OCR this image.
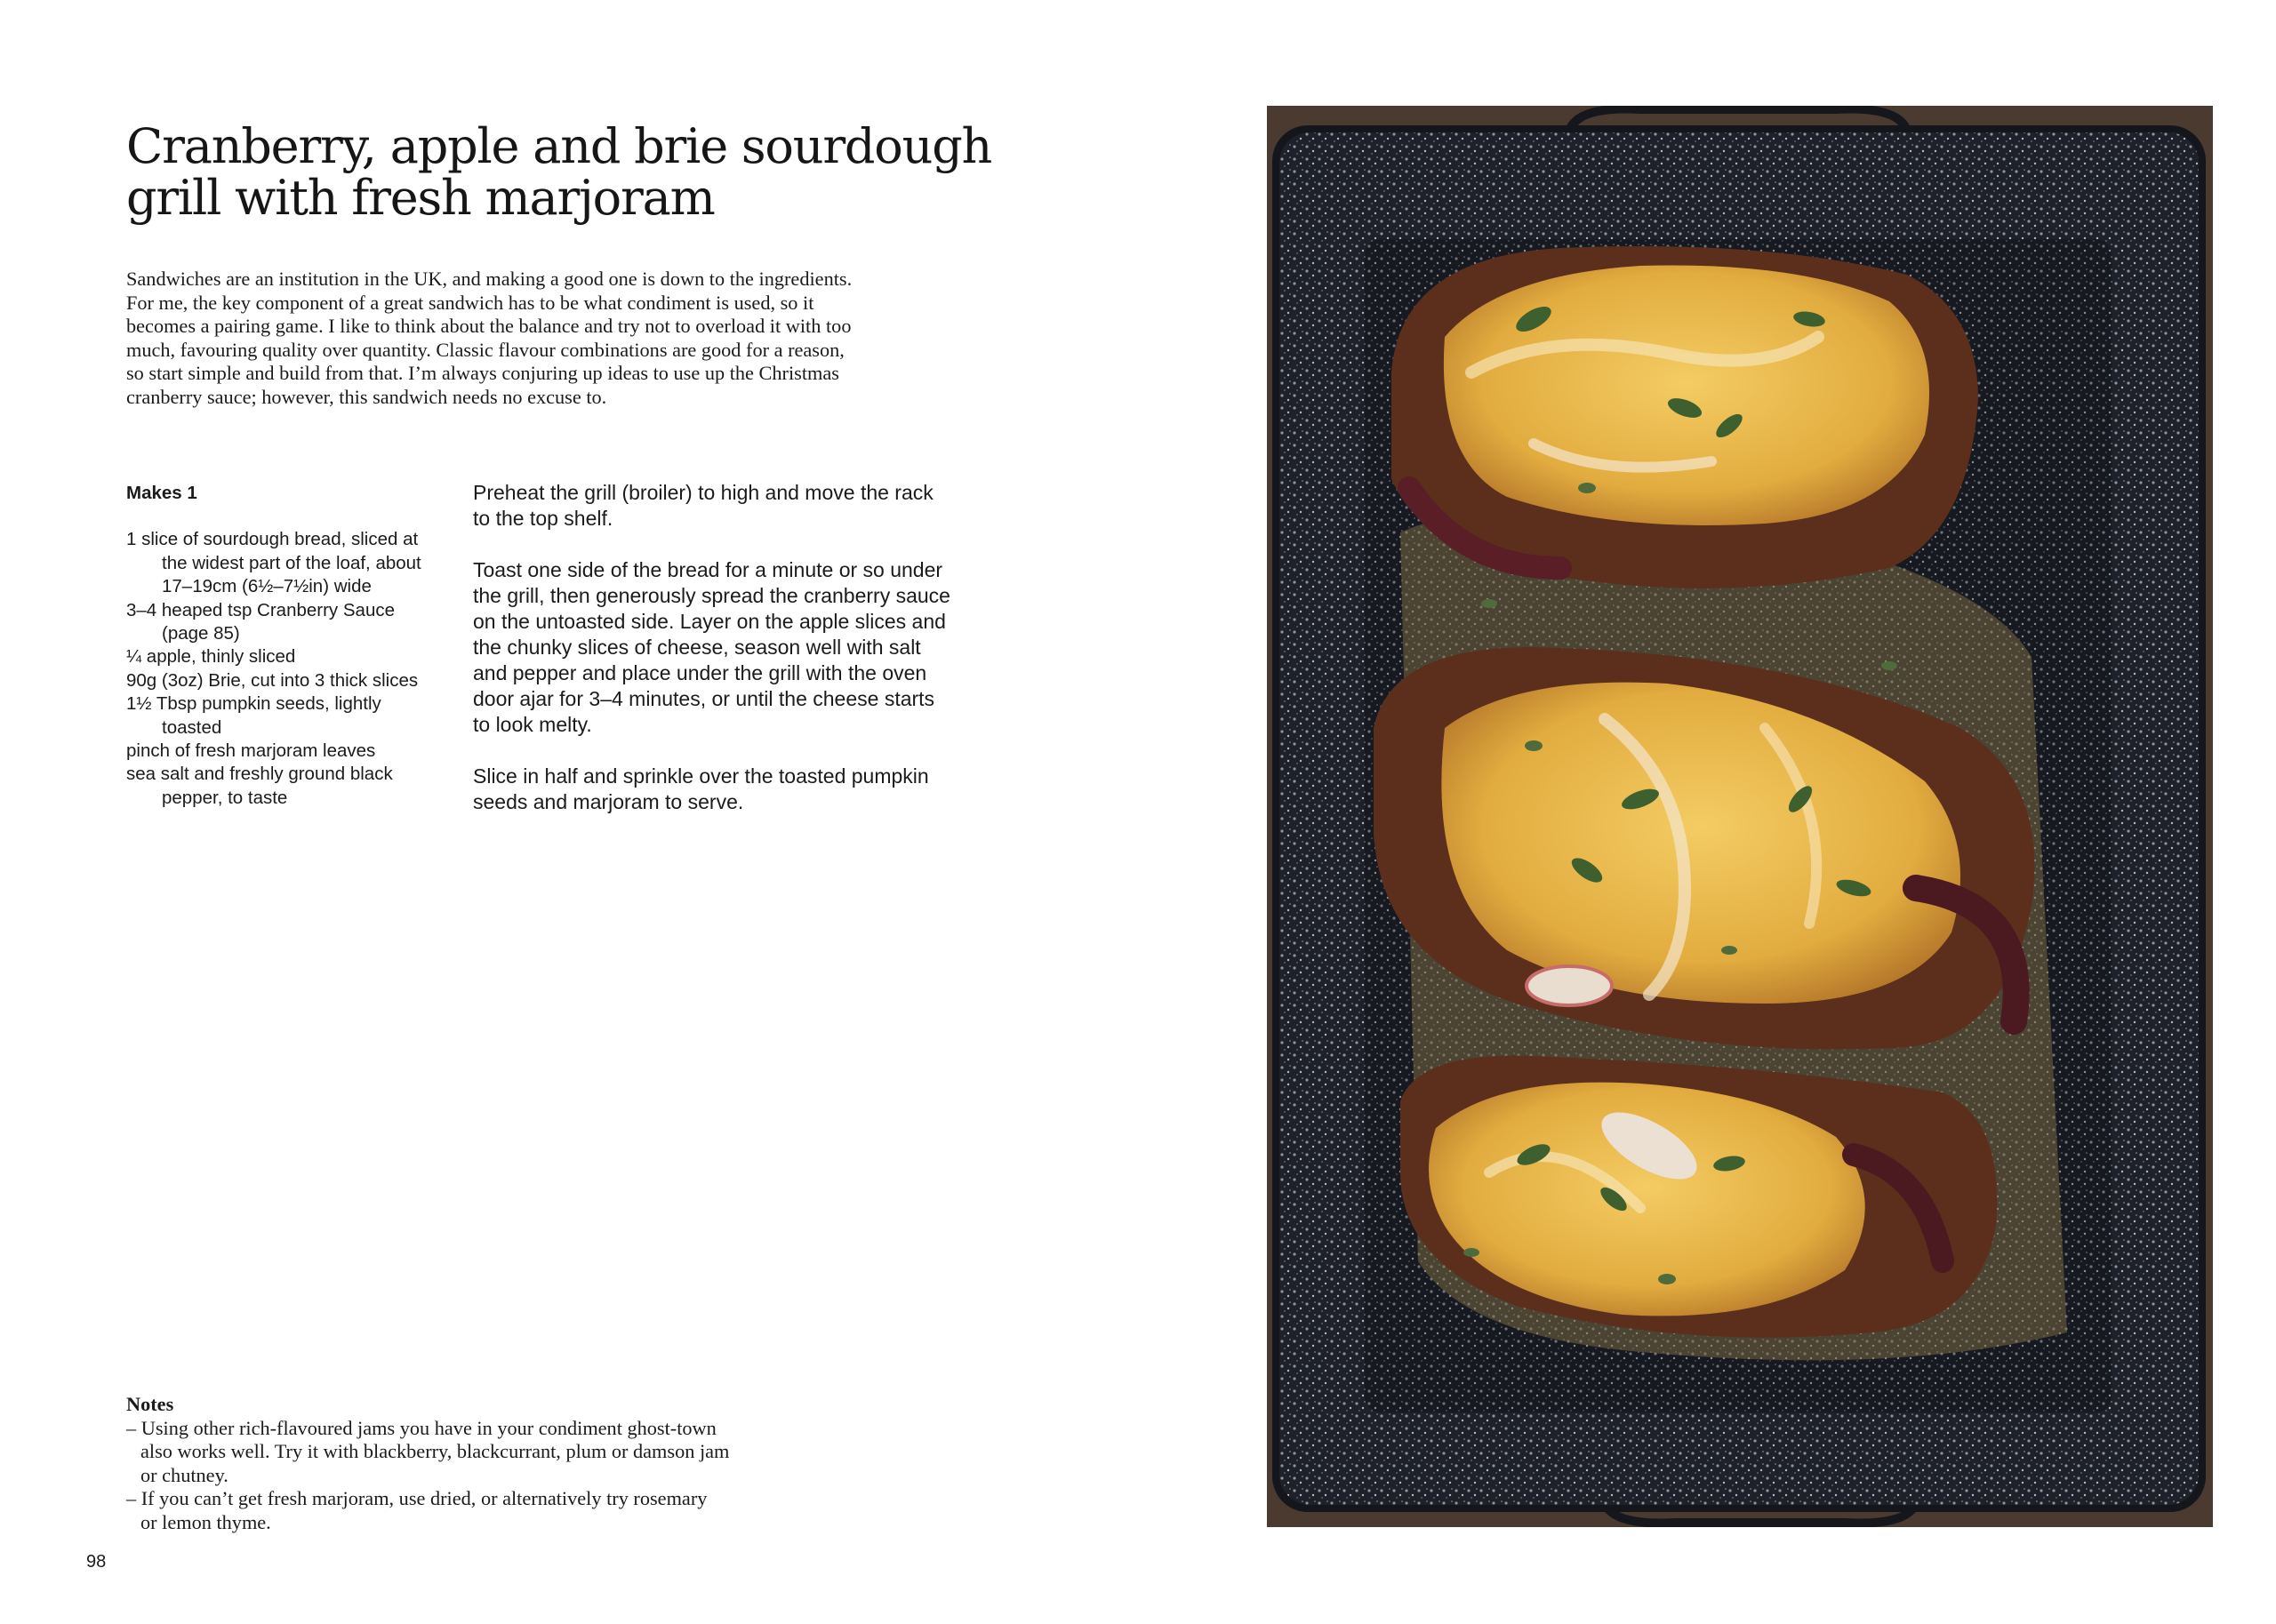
Cranberry, apple and brie sourdough
grill with fresh marjoram
Sandwiches are an institution in the UK, and making a good one is down to the ingredients.
For me, the key component of a great sandwich has to be what condiment is used, so it
becomes a pairing game. I like to think about the balance and try not to overload it with too
much, favouring quality over quantity. Classic flavour combinations are good for a reason,
so start simple and build from that. I’m always conjuring up ideas to use up the Christmas
cranberry sauce; however, this sandwich needs no excuse to.
Makes 1
1 slice of sourdough bread, sliced at
the widest part of the loaf, about
17–19cm (6½–7½in) wide
3–4 heaped tsp Cranberry Sauce
(page 85)
¼ apple, thinly sliced
90g (3oz) Brie, cut into 3 thick slices
1½ Tbsp pumpkin seeds, lightly
toasted
pinch of fresh marjoram leaves
sea salt and freshly ground black
pepper, to taste
Preheat the grill (broiler) to high and move the rack
to the top shelf.
Toast one side of the bread for a minute or so under
the grill, then generously spread the cranberry sauce
on the untoasted side. Layer on the apple slices and
the chunky slices of cheese, season well with salt
and pepper and place under the grill with the oven
door ajar for 3–4 minutes, or until the cheese starts
to look melty.
Slice in half and sprinkle over the toasted pumpkin
seeds and marjoram to serve.
Notes
– Using other rich-flavoured jams you have in your condiment ghost-town
also works well. Try it with blackberry, blackcurrant, plum or damson jam
or chutney.
– If you can’t get fresh marjoram, use dried, or alternatively try rosemary
or lemon thyme.
98
